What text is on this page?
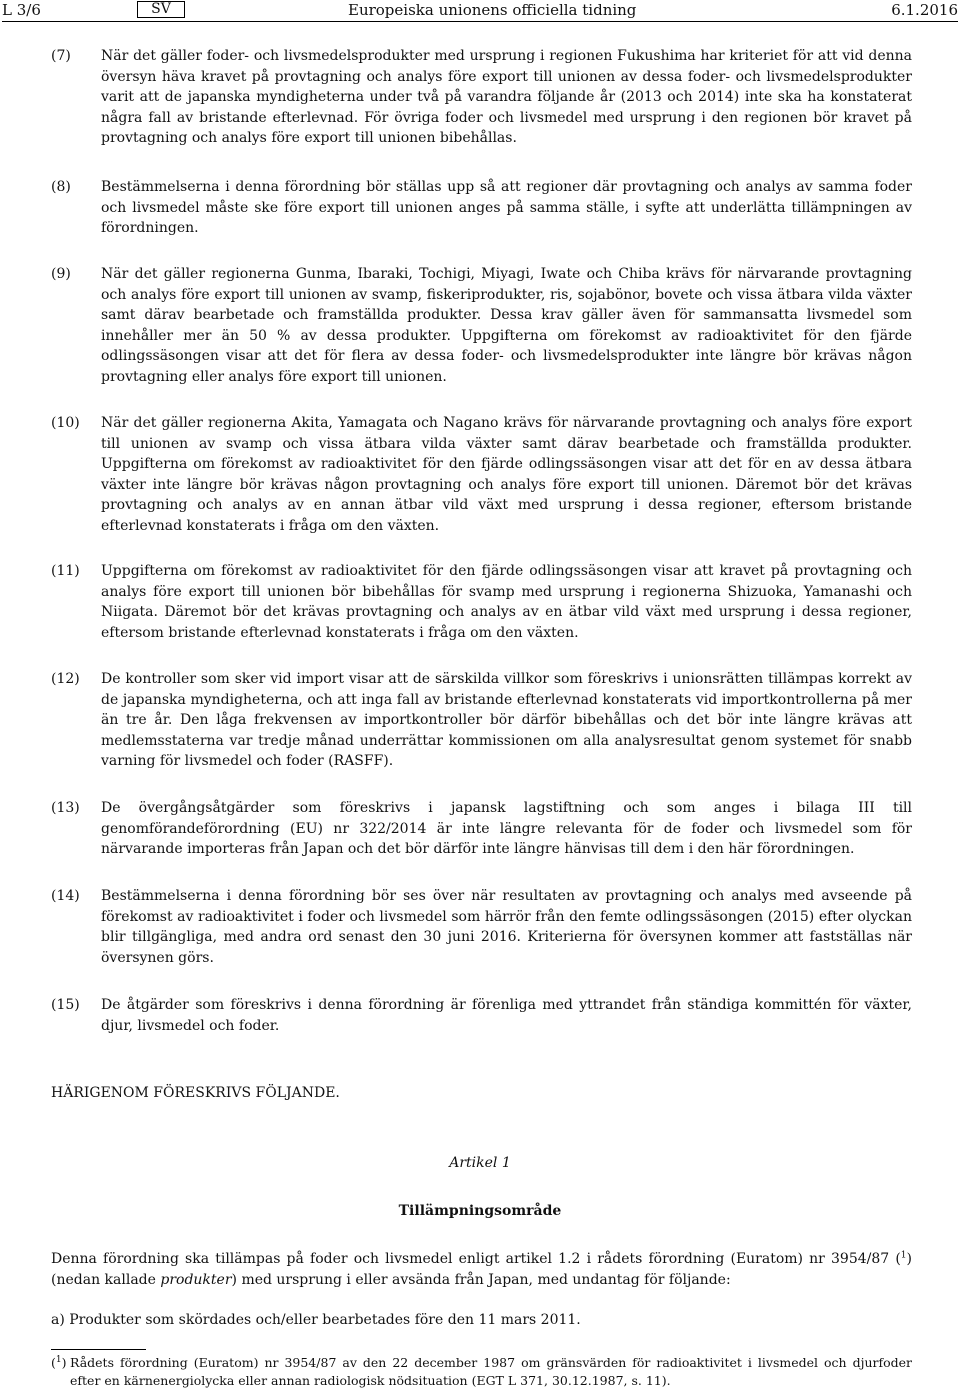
L 3/6	SV	Europeiska unionens officiella tidning	6.1.2016
(7) När det gäller foder- och livsmedelsprodukter med ursprung i regionen Fukushima har kriteriet för att vid denna översyn häva kravet på provtagning och analys före export till unionen av dessa foder- och livsmedelsprodukter varit att de japanska myndigheterna under två på varandra följande år (2013 och 2014) inte ska ha konstaterat några fall av bristande efterlevnad. För övriga foder och livsmedel med ursprung i den regionen bör kravet på provtagning och analys före export till unionen bibehållas.
(8) Bestämmelserna i denna förordning bör ställas upp så att regioner där provtagning och analys av samma foder och livsmedel måste ske före export till unionen anges på samma ställe, i syfte att underlätta tillämpningen av förordningen.
(9) När det gäller regionerna Gunma, Ibaraki, Tochigi, Miyagi, Iwate och Chiba krävs för närvarande provtagning och analys före export till unionen av svamp, fiskeriprodukter, ris, sojabönor, bovete och vissa ätbara vilda växter samt därav bearbetade och framställda produkter. Dessa krav gäller även för sammansatta livsmedel som innehåller mer än 50 % av dessa produkter. Uppgifterna om förekomst av radioaktivitet för den fjärde odlingssäsongen visar att det för flera av dessa foder- och livsmedelsprodukter inte längre bör krävas någon provtagning eller analys före export till unionen.
(10) När det gäller regionerna Akita, Yamagata och Nagano krävs för närvarande provtagning och analys före export till unionen av svamp och vissa ätbara vilda växter samt därav bearbetade och framställda produkter. Uppgifterna om förekomst av radioaktivitet för den fjärde odlingssäsongen visar att det för en av dessa ätbara växter inte längre bör krävas någon provtagning och analys före export till unionen. Däremot bör det krävas provtagning och analys av en annan ätbar vild växt med ursprung i dessa regioner, eftersom bristande efterlevnad konstaterats i fråga om den växten.
(11) Uppgifterna om förekomst av radioaktivitet för den fjärde odlingssäsongen visar att kravet på provtagning och analys före export till unionen bör bibehållas för svamp med ursprung i regionerna Shizuoka, Yamanashi och Niigata. Däremot bör det krävas provtagning och analys av en ätbar vild växt med ursprung i dessa regioner, eftersom bristande efterlevnad konstaterats i fråga om den växten.
(12) De kontroller som sker vid import visar att de särskilda villkor som föreskrivs i unionsrätten tillämpas korrekt av de japanska myndigheterna, och att inga fall av bristande efterlevnad konstaterats vid importkontrollerna på mer än tre år. Den låga frekvensen av importkontroller bör därför bibehållas och det bör inte längre krävas att medlemsstaterna var tredje månad underrättar kommissionen om alla analysresultat genom systemet för snabb varning för livsmedel och foder (RASFF).
(13) De övergångsåtgärder som föreskrivs i japansk lagstiftning och som anges i bilaga III till genomförandeförordning (EU) nr 322/2014 är inte längre relevanta för de foder och livsmedel som för närvarande importeras från Japan och det bör därför inte längre hänvisas till dem i den här förordningen.
(14) Bestämmelserna i denna förordning bör ses över när resultaten av provtagning och analys med avseende på förekomst av radioaktivitet i foder och livsmedel som härrör från den femte odlingssäsongen (2015) efter olyckan blir tillgängliga, med andra ord senast den 30 juni 2016. Kriterierna för översynen kommer att fastställas när översynen görs.
(15) De åtgärder som föreskrivs i denna förordning är förenliga med yttrandet från ständiga kommittén för växter, djur, livsmedel och foder.
HÄRIGENOM FÖRESKRIVS FÖLJANDE.
Artikel 1
Tillämpningsområde
Denna förordning ska tillämpas på foder och livsmedel enligt artikel 1.2 i rådets förordning (Euratom) nr 3954/87 ($^1$) (nedan kallade produkter) med ursprung i eller avsända från Japan, med undantag för följande:
a) Produkter som skördades och/eller bearbetades före den 11 mars 2011.
($^1$) Rådets förordning (Euratom) nr 3954/87 av den 22 december 1987 om gränsvärden för radioaktivitet i livsmedel och djurfoder efter en kärnenergiolycka eller annan radiologisk nödsituation (EGT L 371, 30.12.1987, s. 11).
